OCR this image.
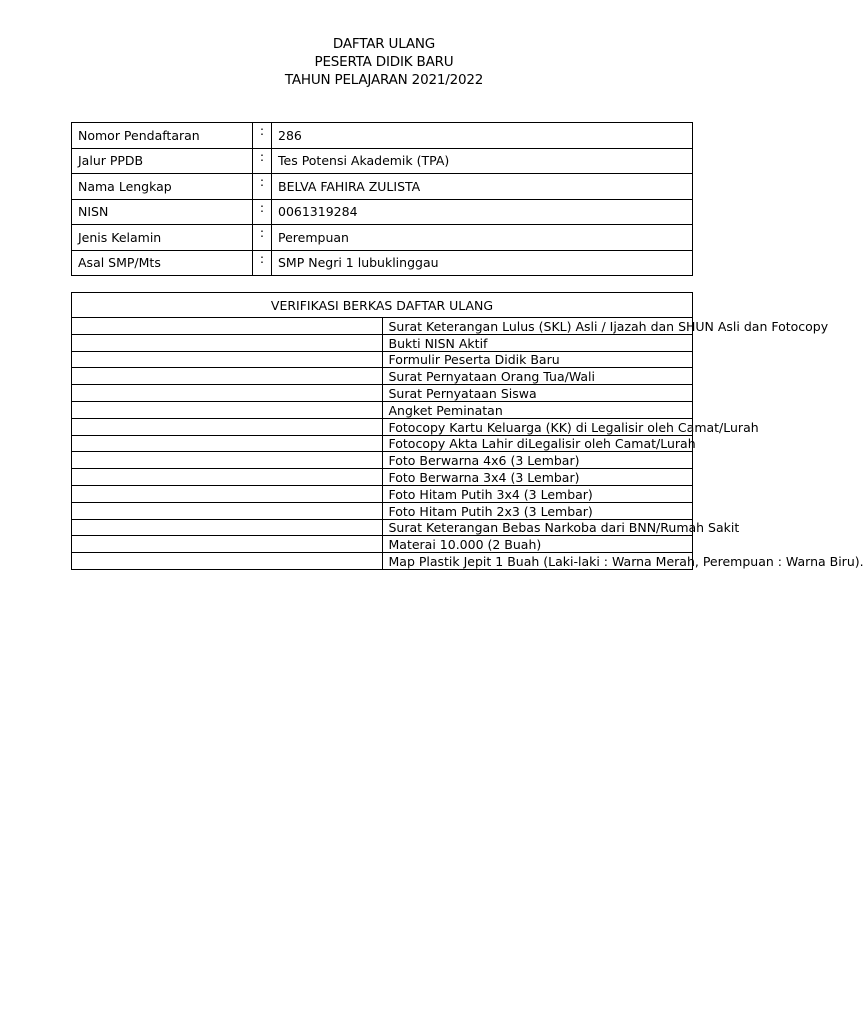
DAFTAR ULANG
PESERTA DIDIK BARU
TAHUN PELAJARAN 2021/2022
Nomor Pendaftaran	:	286
Jalur PPDB	:	Tes Potensi Akademik (TPA)
Nama Lengkap	:	BELVA FAHIRA ZULISTA
NISN	:	0061319284
Jenis Kelamin	:	Perempuan
Asal SMP/Mts	:	SMP Negri 1 lubuklinggau
VERIFIKASI BERKAS DAFTAR ULANG	
	Surat Keterangan Lulus (SKL) Asli / Ijazah dan SHUN Asli dan Fotocopy
	Bukti NISN Aktif
	Formulir Peserta Didik Baru
	Surat Pernyataan Orang Tua/Wali
	Surat Pernyataan Siswa
	Angket Peminatan
	Fotocopy Kartu Keluarga (KK) di Legalisir oleh Camat/Lurah
	Fotocopy Akta Lahir diLegalisir oleh Camat/Lurah
	Foto Berwarna 4x6 (3 Lembar)
	Foto Berwarna 3x4 (3 Lembar)
	Foto Hitam Putih 3x4 (3 Lembar)
	Foto Hitam Putih 2x3 (3 Lembar)
	Surat Keterangan Bebas Narkoba dari BNN/Rumah Sakit
	Materai 10.000 (2 Buah)
	Map Plastik Jepit 1 Buah (Laki-laki : Warna Merah, Perempuan : Warna Biru).
